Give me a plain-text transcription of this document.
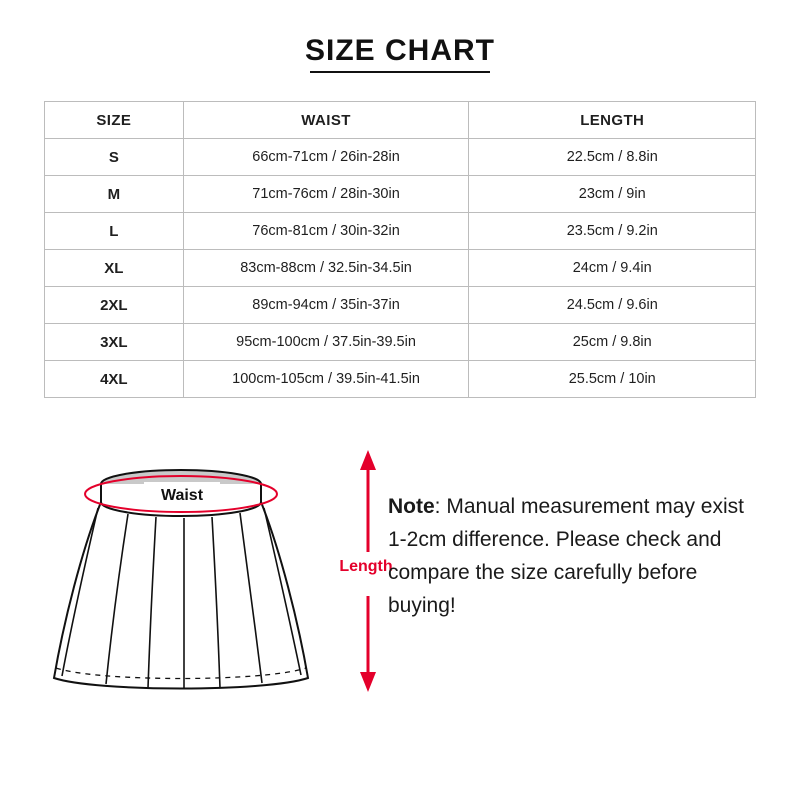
SIZE CHART
SIZE	WAIST	LENGTH
S	66cm-71cm / 26in-28in	22.5cm / 8.8in
M	71cm-76cm / 28in-30in	23cm / 9in
L	76cm-81cm / 30in-32in	23.5cm / 9.2in
XL	83cm-88cm / 32.5in-34.5in	24cm / 9.4in
2XL	89cm-94cm / 35in-37in	24.5cm / 9.6in
3XL	95cm-100cm / 37.5in-39.5in	25cm / 9.8in
4XL	100cm-105cm / 39.5in-41.5in	25.5cm / 10in
Waist
Length
Note: Manual measurement may exist 1-2cm difference. Please check and compare the size carefully before buying!
